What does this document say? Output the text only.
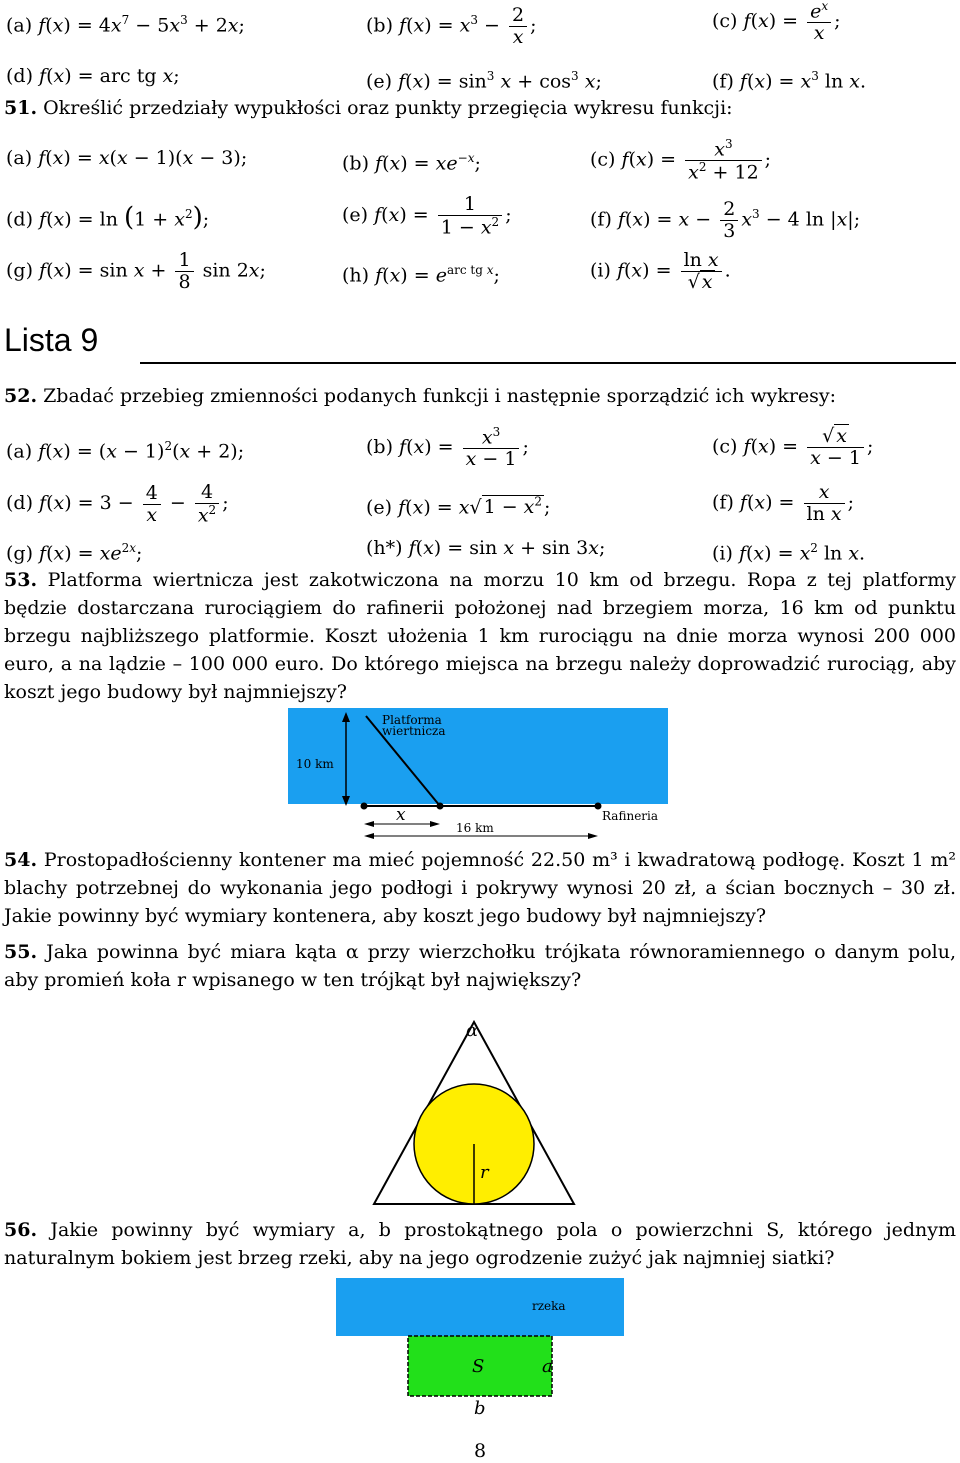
(a) $f(x) = 4x^7 - 5x^3 + 2x$;	(b) $f(x) = x^3 - \frac{2}{x}$ ;	(c) $f(x) = \frac{e^x}{x}$ ;
(d) f(x) = arc tg x;	(e) $f(x) = \sin^3 x + \cos^3 x$;	(f) $f(x) = x^3$ ln x.
51. Określić przedziały wypukłości oraz punkty przegięcia wykresu funkcji:
(a) f(x) = x(x − 1)(x − 3);	(b) $f(x) = xe^{-x}$;	(c) $f(x) = \frac{x^3}{x^2 + 12}$ ;
(d) $f(x) = \ln (1 + x^2)$;	(e) $f(x) = \frac{1}{1 - x^2}$ ;	(f) $f(x) = x - \frac{2}{3} x^3 - 4$ ln |x|;
(g) $f(x) = \sin x + \frac{1}{8}$ sin 2x;	(h) $f(x) = e^{arc tg x}$;	(i) $f(x) = \frac{\text{ln x}}{√ x}$ .
Lista 9
52. Zbadać przebieg zmienności podanych funkcji i następnie sporządzić ich wykresy:
(a) $f(x) = (x - 1)^2(x + 2)$;	(b) $f(x) = \frac{x^3}{x - 1}$ ;	(c) $f(x) = \frac{√ x}{x - 1}$ ;
(d) $f(x) = 3 - \frac{4}{x} - \frac{4}{x^2}$ ;	(e) f(x) = x√ $1 - x^2$ ;	(f) $f(x) = \frac{x}{\text{ln x}}$ ;
(g) $f(x) = xe^{2x}$;	(h*) f(x) = sin x + sin 3x;	(i) $f(x) = x^2$ ln x.
53. Platforma wiertnicza jest zakotwiczona na morzu 10 km od brzegu. Ropa z tej platformy będzie dostarczana rurociągiem do rafinerii położonej nad brzegiem morza, 16 km od punktu brzegu najbliższego platformie. Koszt ułożenia 1 km rurociągu na dnie morza wynosi 200 000 euro, a na lądzie – 100 000 euro. Do którego miejsca na brzegu należy doprowadzić rurociąg, aby koszt jego budowy był najmniejszy?
10 km
Platforma
wiertnicza
Rafineria
x
16 km
54. Prostopadłościenny kontener ma mieć pojemność 22.50 m³ i kwadratową podłogę. Koszt 1 m² blachy potrzebnej do wykonania jego podłogi i pokrywy wynosi 20 zł, a ścian bocznych – 30 zł. Jakie powinny być wymiary kontenera, aby koszt jego budowy był najmniejszy?
55. Jaka powinna być miara kąta α przy wierzchołku trójkata równoramiennego o danym polu, aby promień koła r wpisanego w ten trójkąt był największy?
r
α
56. Jakie powinny być wymiary a, b prostokątnego pola o powierzchni S, którego jednym naturalnym bokiem jest brzeg rzeki, aby na jego ogrodzenie zużyć jak najmniej siatki?
rzeka
S	a
b
8
